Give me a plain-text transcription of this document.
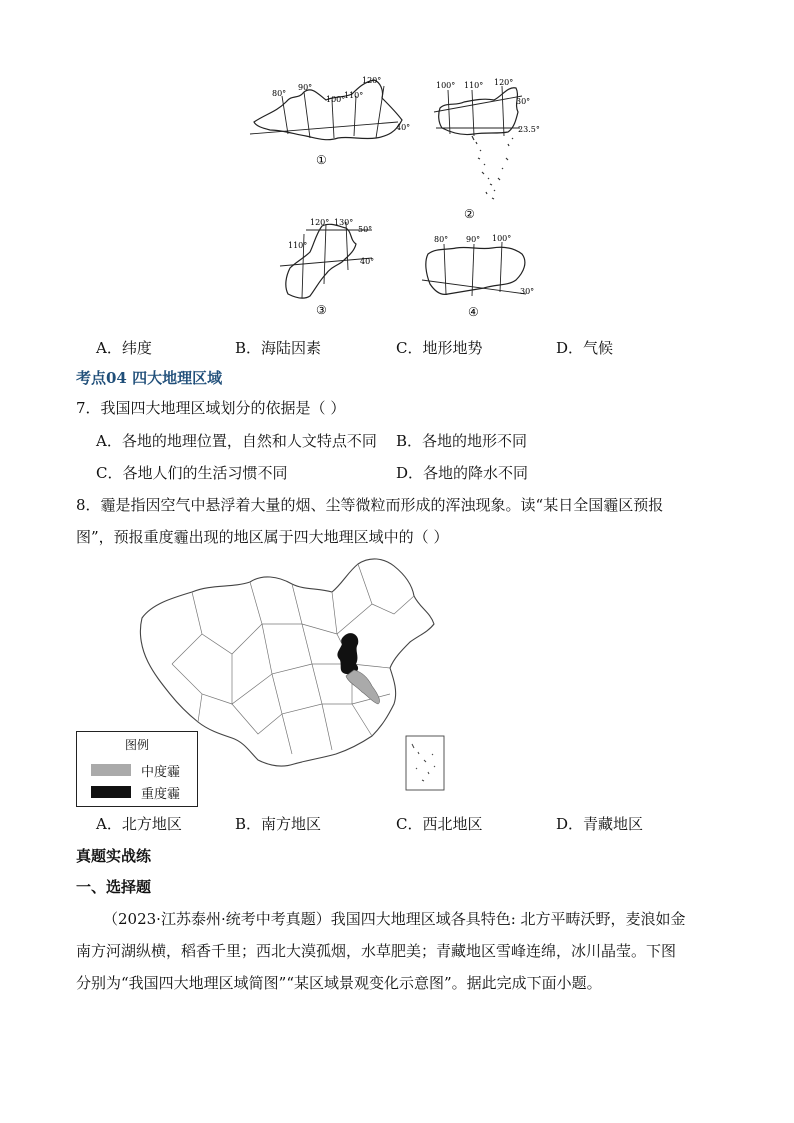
80°
90°
100°
110°
120°
40°
①
100° 110° 120°
30°
23.5°
②
110°
120° 130°
50°
40°
③
80° 90° 100°
30°
④
A．纬度	B．海陆因素	C．地形地势	D．气候
考点04 四大地理区域
7．我国四大地理区域划分的依据是（ ）
A．各地的地理位置，自然和人文特点不同 B．各地的地形不同
C．各地人们的生活习惯不同	D．各地的降水不同
8．霾是指因空气中悬浮着大量的烟、尘等微粒而形成的浑浊现象。读“某日全国霾区预报
图”，预报重度霾出现的地区属于四大地理区域中的（ ）
图例
中度霾
重度霾
A．北方地区	B．南方地区	C．西北地区	D．青藏地区
真题实战练
一、选择题
（2023·江苏泰州·统考中考真题）我国四大地理区域各具特色: 北方平畴沃野，麦浪如金
南方河湖纵横，稻香千里；西北大漠孤烟，水草肥美；青藏地区雪峰连绵，冰川晶莹。下图
分别为“我国四大地理区域简图”“某区域景观变化示意图”。据此完成下面小题。
